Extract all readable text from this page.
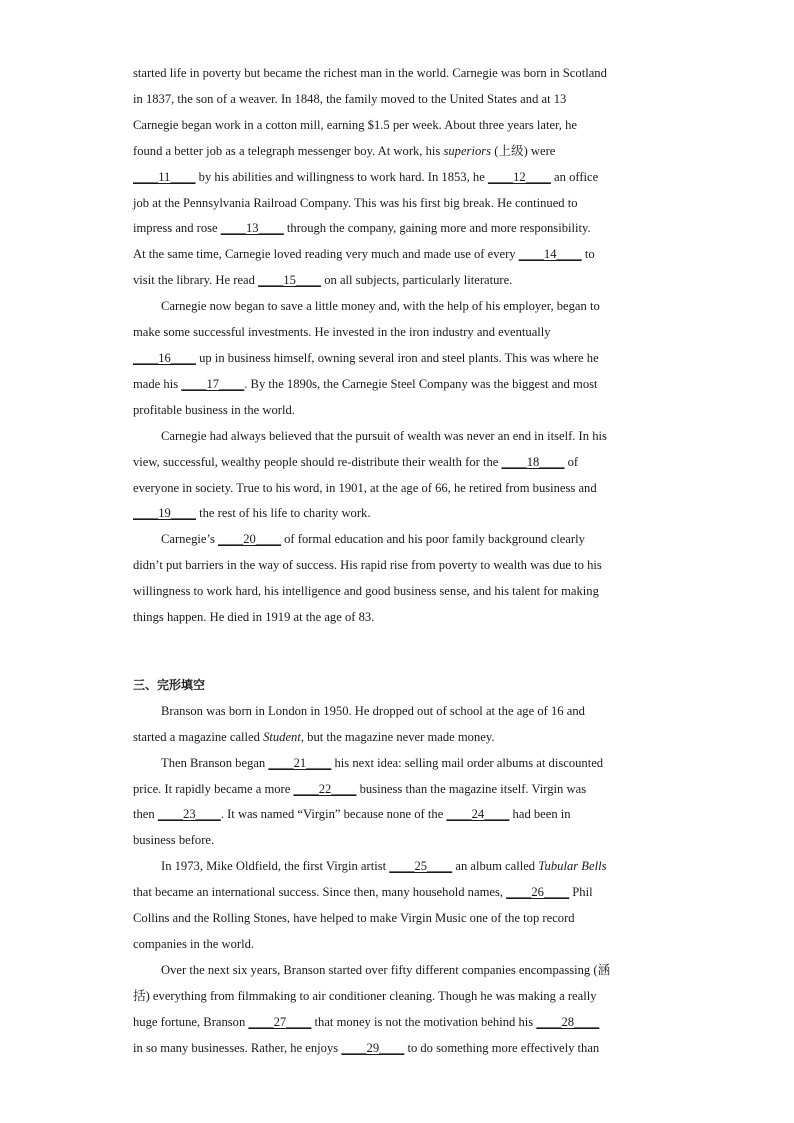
started life in poverty but became the richest man in the world. Carnegie was born in Scotland
in 1837, the son of a weaver. In 1848, the family moved to the United States and at 13
Carnegie began work in a cotton mill, earning $1.5 per week. About three years later, he
found a better job as a telegraph messenger boy. At work, his superiors (上级) were
____11____ by his abilities and willingness to work hard. In 1853, he ____12____ an office
job at the Pennsylvania Railroad Company. This was his first big break. He continued to
impress and rose ____13____ through the company, gaining more and more responsibility.
At the same time, Carnegie loved reading very much and made use of every ____14____ to
visit the library. He read ____15____ on all subjects, particularly literature.
Carnegie now began to save a little money and, with the help of his employer, began to
make some successful investments. He invested in the iron industry and eventually
____16____ up in business himself, owning several iron and steel plants. This was where he
made his ____17____. By the 1890s, the Carnegie Steel Company was the biggest and most
profitable business in the world.
Carnegie had always believed that the pursuit of wealth was never an end in itself. In his
view, successful, wealthy people should re-distribute their wealth for the ____18____ of
everyone in society. True to his word, in 1901, at the age of 66, he retired from business and
____19____ the rest of his life to charity work.
Carnegie’s ____20____ of formal education and his poor family background clearly
didn’t put barriers in the way of success. His rapid rise from poverty to wealth was due to his
willingness to work hard, his intelligence and good business sense, and his talent for making
things happen. He died in 1919 at the age of 83.
三、完形填空
Branson was born in London in 1950. He dropped out of school at the age of 16 and
started a magazine called Student, but the magazine never made money.
Then Branson began ____21____ his next idea: selling mail order albums at discounted
price. It rapidly became a more ____22____ business than the magazine itself. Virgin was
then ____23____. It was named “Virgin” because none of the ____24____ had been in
business before.
In 1973, Mike Oldfield, the first Virgin artist ____25____ an album called Tubular Bells
that became an international success. Since then, many household names, ____26____ Phil
Collins and the Rolling Stones, have helped to make Virgin Music one of the top record
companies in the world.
Over the next six years, Branson started over fifty different companies encompassing (涵
括) everything from filmmaking to air conditioner cleaning. Though he was making a really
huge fortune, Branson ____27____ that money is not the motivation behind his ____28____
in so many businesses. Rather, he enjoys ____29____ to do something more effectively than
